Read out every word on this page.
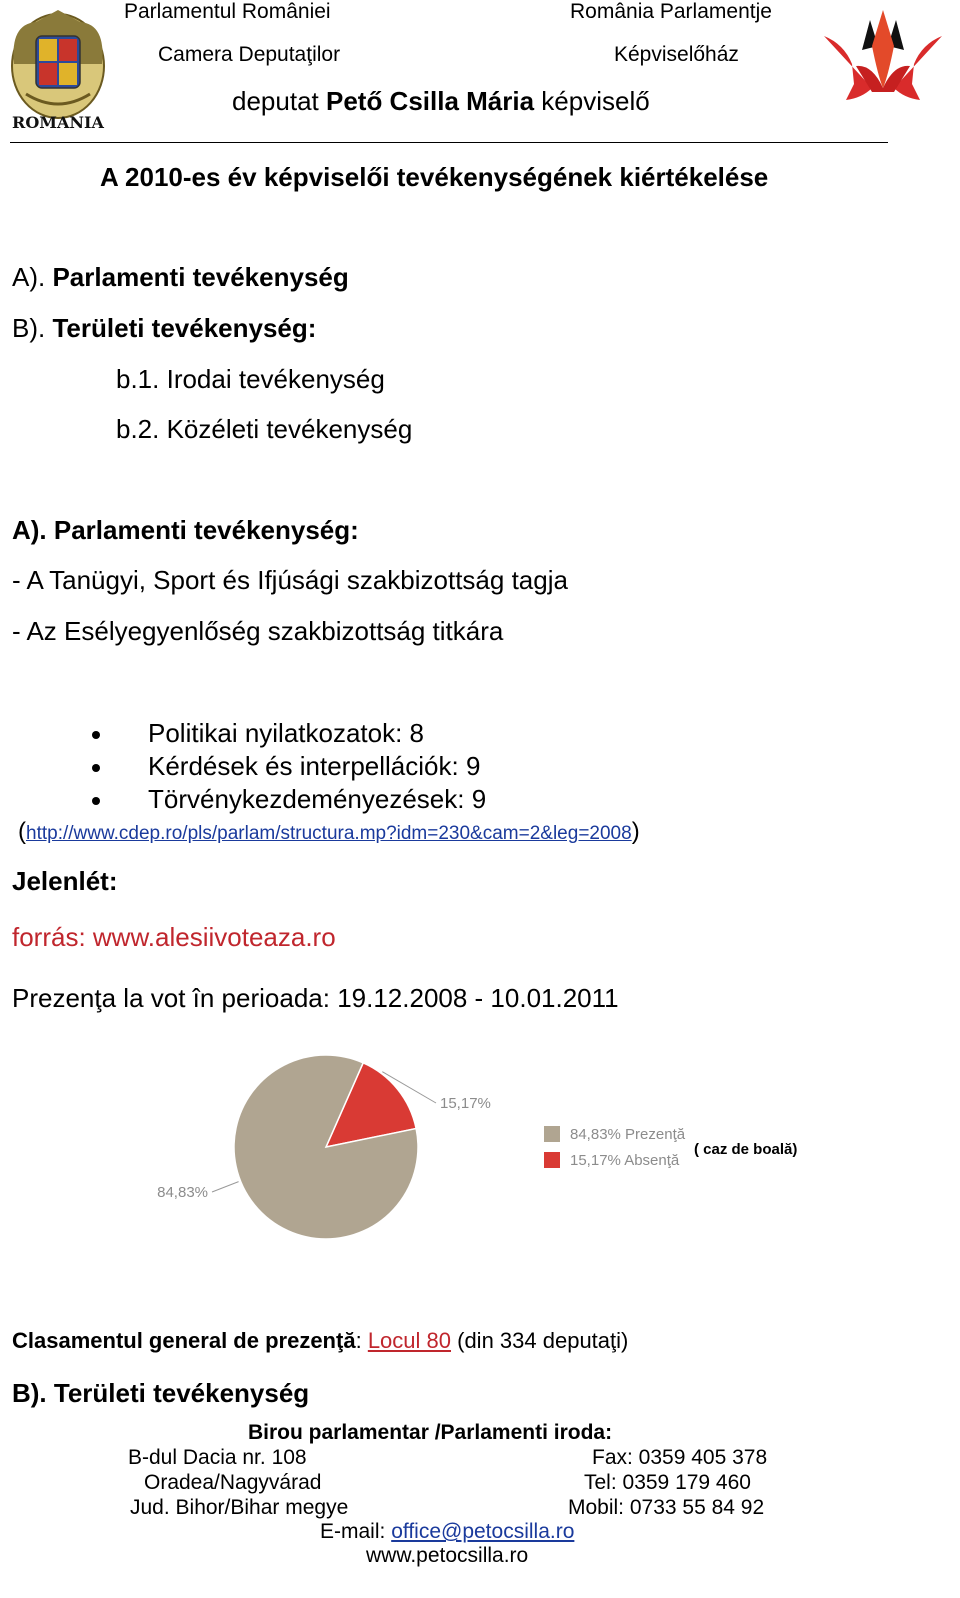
ROMANIA
Parlamentul României
Camera Deputaţilor
România Parlamentje
Képviselőház
deputat Pető Csilla Mária képviselő
A 2010-es év képviselői tevékenységének kiértékelése
A). Parlamenti tevékenység
B). Területi tevékenység:
b.1. Irodai tevékenység
b.2. Közéleti tevékenység
A). Parlamenti tevékenység:
- A Tanügyi, Sport és Ifjúsági szakbizottság tagja
- Az Esélyegyenlőség szakbizottság titkára
Politikai nyilatkozatok: 8
Kérdések és interpellációk: 9
Törvénykezdeményezések: 9
(http://www.cdep.ro/pls/parlam/structura.mp?idm=230&cam=2&leg=2008)
Jelenlét:
forrás: www.alesiivoteaza.ro
Prezenţa la vot în perioada: 19.12.2008 - 10.01.2011
15,17%
84,83%
84,83% Prezenţă
15,17% Absenţă
( caz de boală)
Clasamentul general de prezenţă: Locul 80 (din 334 deputaţi)
B). Területi tevékenység
Birou parlamentar /Parlamenti iroda:
B-dul Dacia nr. 108
Oradea/Nagyvárad
Jud. Bihor/Bihar megye
Fax: 0359 405 378
Tel: 0359 179 460
Mobil: 0733 55 84 92
E-mail: office@petocsilla.ro
www.petocsilla.ro
